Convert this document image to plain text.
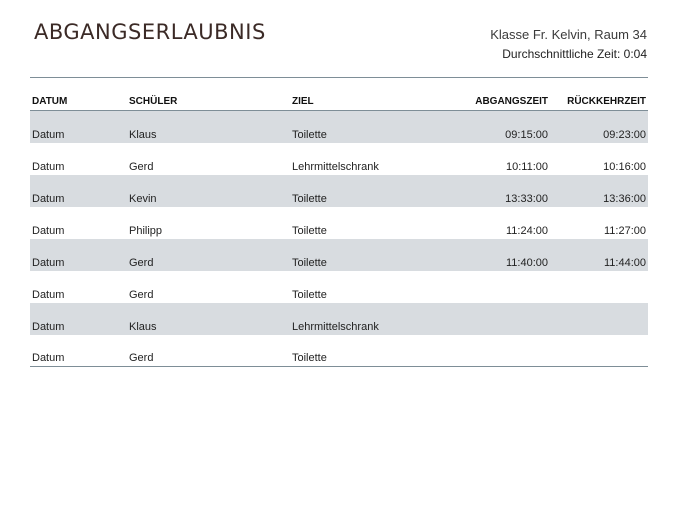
ABGANGSERLAUBNIS	Klasse Fr. Kelvin, Raum 34
Durchschnittliche Zeit: 0:04
DATUM	SCHÜLER	ZIEL	ABGANGSZEIT	RÜCKKEHRZEIT
Datum	Klaus	Toilette	09:15:00	09:23:00
Datum	Gerd	Lehrmittelschrank	10:11:00	10:16:00
Datum	Kevin	Toilette	13:33:00	13:36:00
Datum	Philipp	Toilette	11:24:00	11:27:00
Datum	Gerd	Toilette	11:40:00	11:44:00
Datum	Gerd	Toilette		
Datum	Klaus	Lehrmittelschrank		
Datum	Gerd	Toilette		
